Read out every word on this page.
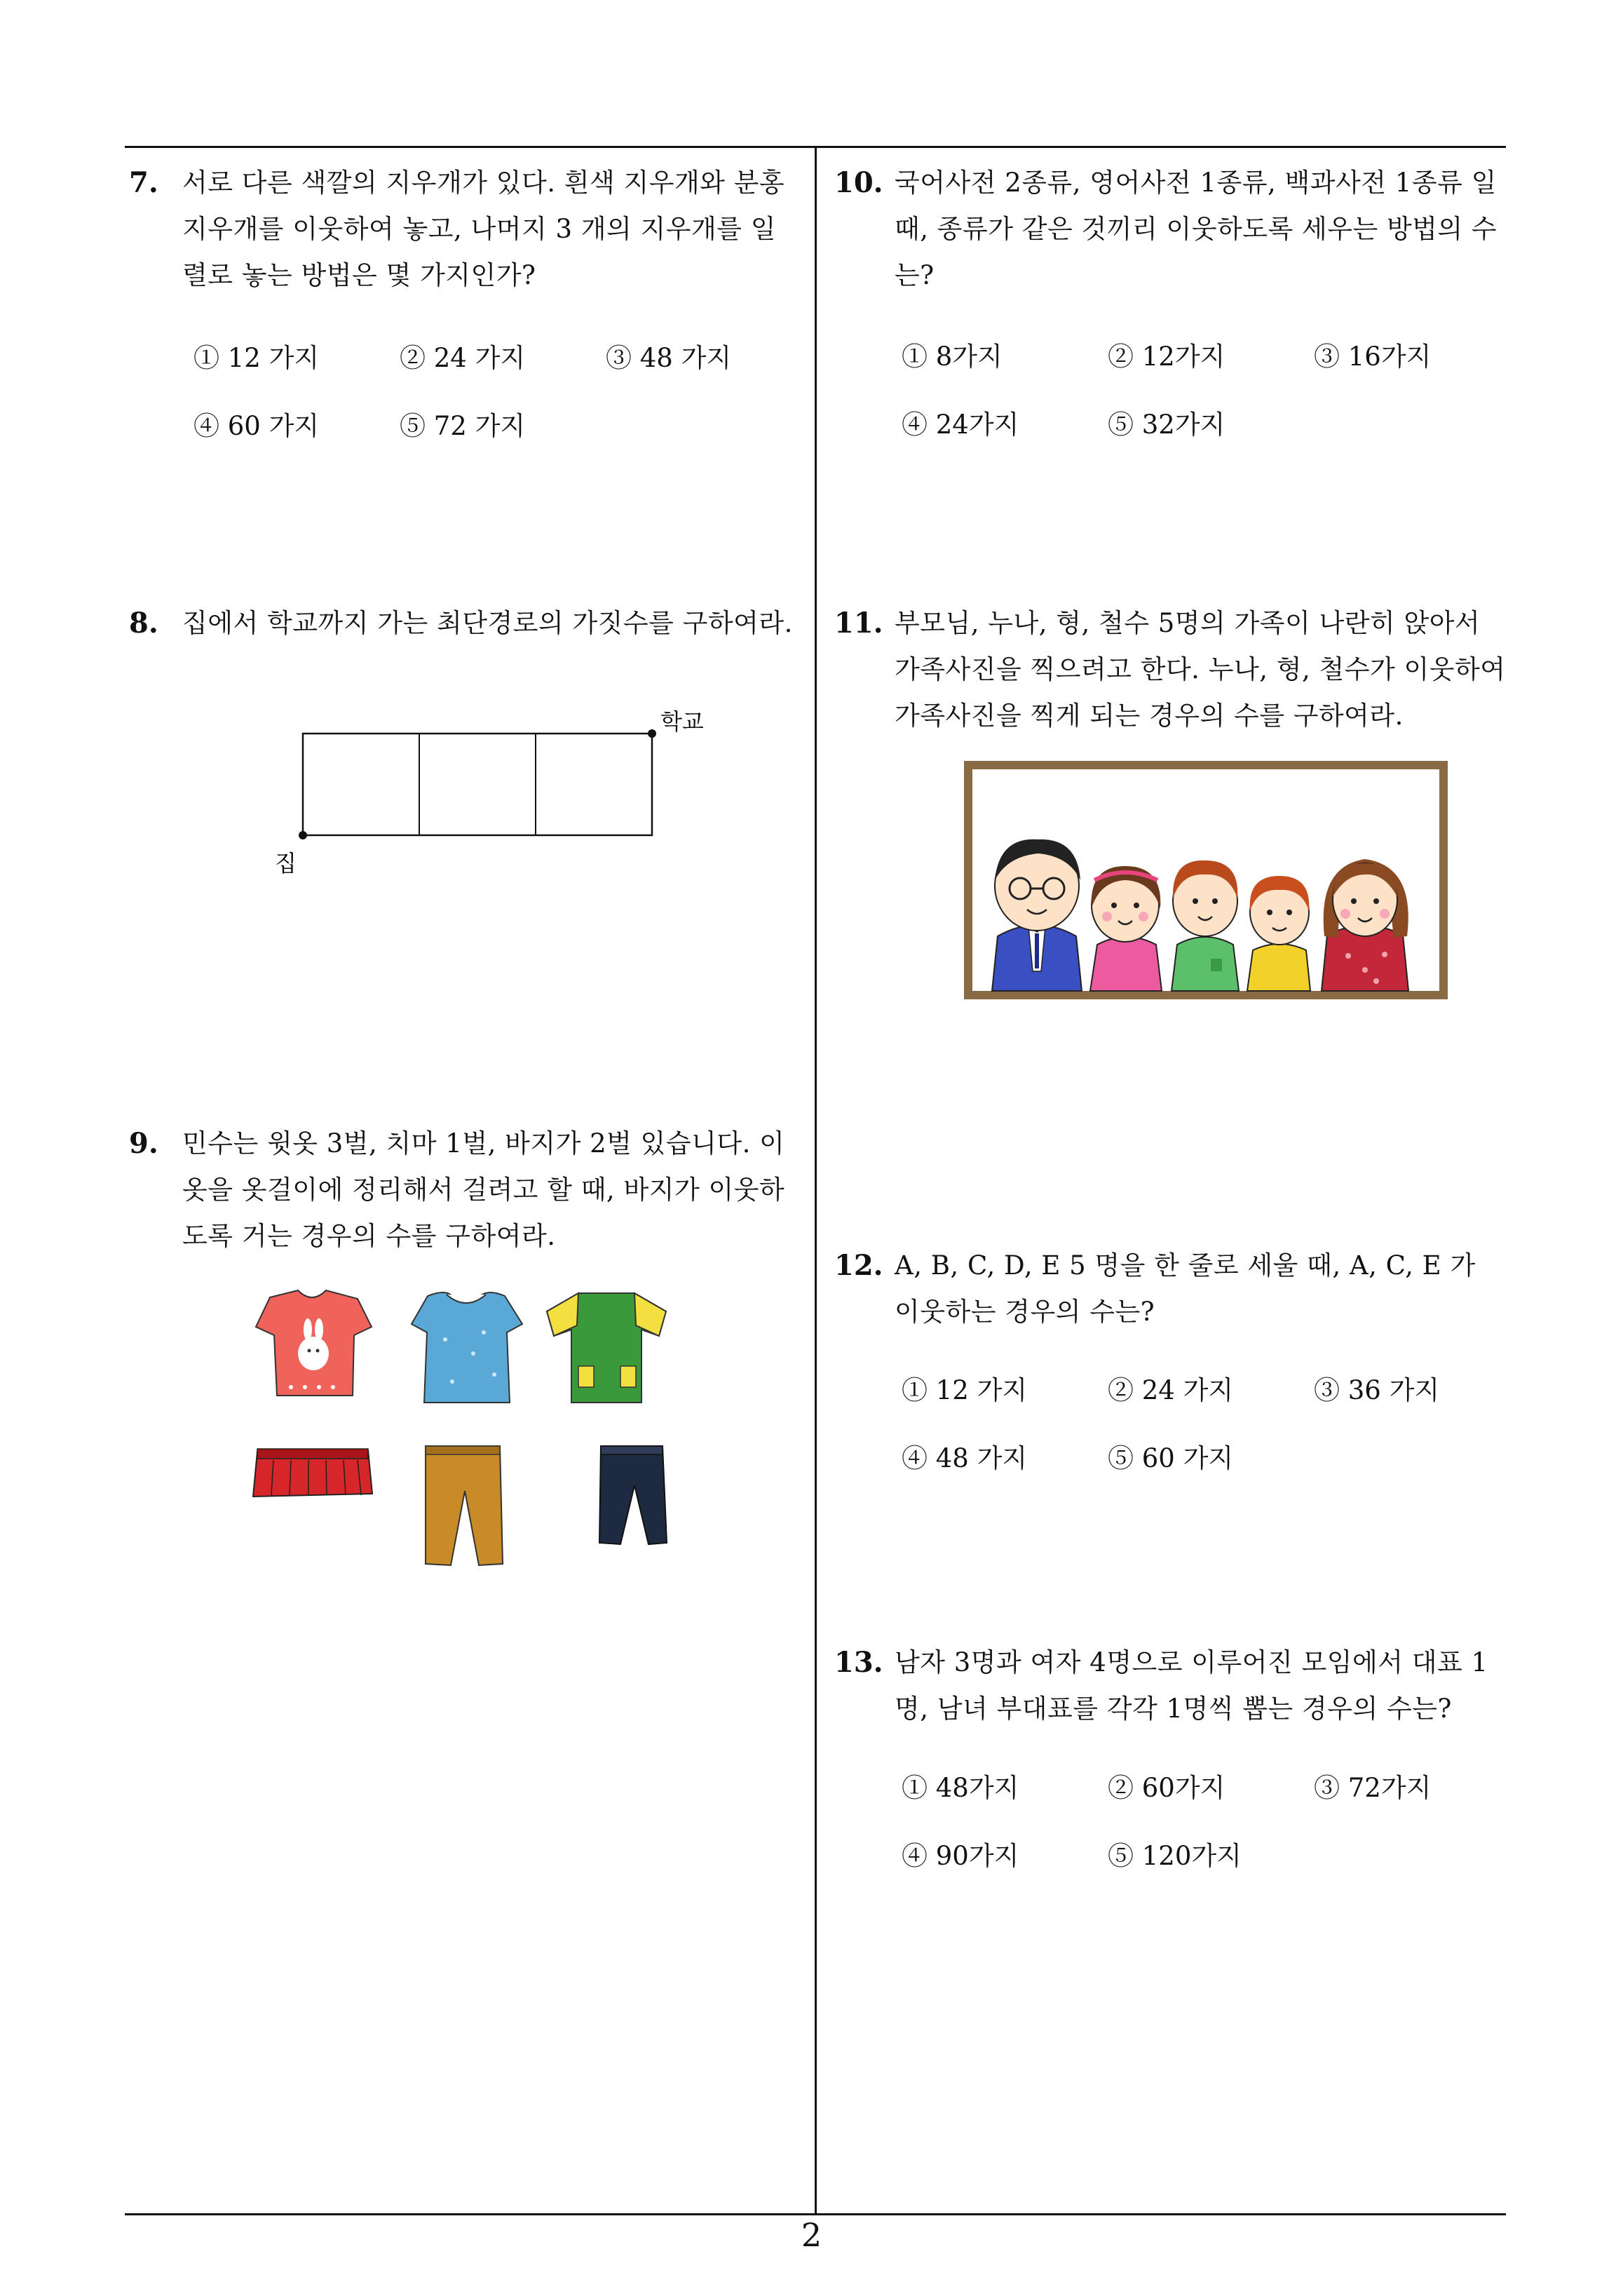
7. 서로 다른 색깔의 지우개가 있다. 흰색 지우개와 분홍
지우개를 이웃하여 놓고, 나머지 3 개의 지우개를 일
렬로 놓는 방법은 몇 가지인가?
① 12 가지	② 24 가지	③ 48 가지
④ 60 가지	⑤ 72 가지
8. 집에서 학교까지 가는 최단경로의 가짓수를 구하여라.
학교
집
9. 민수는 윗옷 3벌, 치마 1벌, 바지가 2벌 있습니다. 이
옷을 옷걸이에 정리해서 걸려고 할 때, 바지가 이웃하
도록 거는 경우의 수를 구하여라.
10. 국어사전 2종류, 영어사전 1종류, 백과사전 1종류 일
때, 종류가 같은 것끼리 이웃하도록 세우는 방법의 수
는?
① 8가지	② 12가지	③ 16가지
④ 24가지	⑤ 32가지
11. 부모님, 누나, 형, 철수 5명의 가족이 나란히 앉아서
가족사진을 찍으려고 한다. 누나, 형, 철수가 이웃하여
가족사진을 찍게 되는 경우의 수를 구하여라.
12. A, B, C, D, E 5 명을 한 줄로 세울 때, A, C, E 가
이웃하는 경우의 수는?
① 12 가지	② 24 가지	③ 36 가지
④ 48 가지	⑤ 60 가지
13. 남자 3명과 여자 4명으로 이루어진 모임에서 대표 1
명, 남녀 부대표를 각각 1명씩 뽑는 경우의 수는?
① 48가지	② 60가지	③ 72가지
④ 90가지	⑤ 120가지
2
